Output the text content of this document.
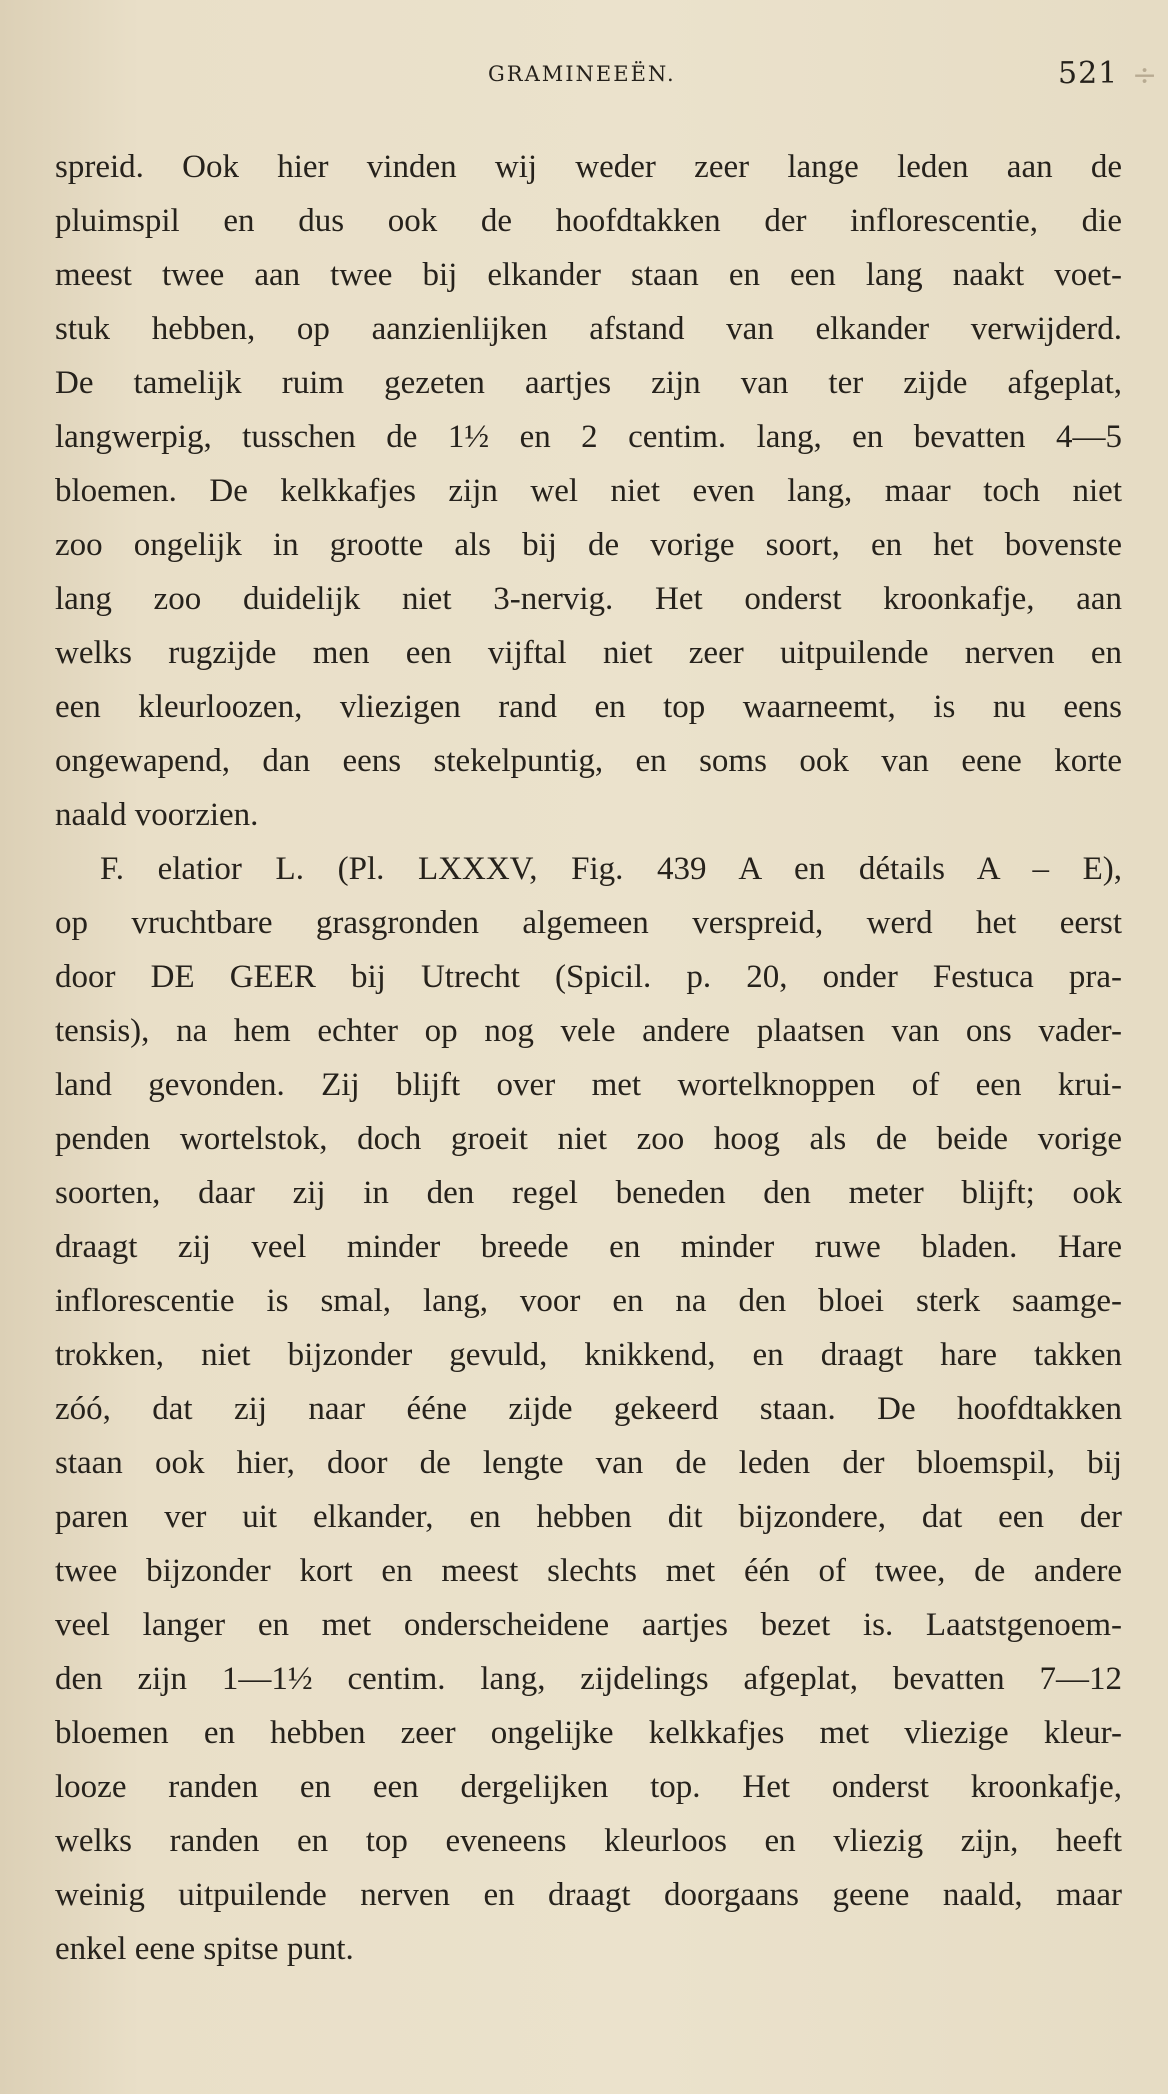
GRAMINEEËN.	521 ÷
spreid. Ook hier vinden wij weder zeer lange leden aan de
pluimspil en dus ook de hoofdtakken der inflorescentie, die
meest twee aan twee bij elkander staan en een lang naakt voet-
stuk hebben, op aanzienlijken afstand van elkander verwijderd.
De tamelijk ruim gezeten aartjes zijn van ter zijde afgeplat,
langwerpig, tusschen de 1½ en 2 centim. lang, en bevatten 4—5
bloemen. De kelkkafjes zijn wel niet even lang, maar toch niet
zoo ongelijk in grootte als bij de vorige soort, en het bovenste
lang zoo duidelijk niet 3-nervig. Het onderst kroonkafje, aan
welks rugzijde men een vijftal niet zeer uitpuilende nerven en
een kleurloozen, vliezigen rand en top waarneemt, is nu eens
ongewapend, dan eens stekelpuntig, en soms ook van eene korte
naald voorzien.
F. elatior L. (Pl. LXXXV, Fig. 439 A en détails A – E),
op vruchtbare grasgronden algemeen verspreid, werd het eerst
door DE GEER bij Utrecht (Spicil. p. 20, onder Festuca pra-
tensis), na hem echter op nog vele andere plaatsen van ons vader-
land gevonden. Zij blijft over met wortelknoppen of een krui-
penden wortelstok, doch groeit niet zoo hoog als de beide vorige
soorten, daar zij in den regel beneden den meter blijft; ook
draagt zij veel minder breede en minder ruwe bladen. Hare
inflorescentie is smal, lang, voor en na den bloei sterk saamge-
trokken, niet bijzonder gevuld, knikkend, en draagt hare takken
zóó, dat zij naar ééne zijde gekeerd staan. De hoofdtakken
staan ook hier, door de lengte van de leden der bloemspil, bij
paren ver uit elkander, en hebben dit bijzondere, dat een der
twee bijzonder kort en meest slechts met één of twee, de andere
veel langer en met onderscheidene aartjes bezet is. Laatstgenoem-
den zijn 1—1½ centim. lang, zijdelings afgeplat, bevatten 7—12
bloemen en hebben zeer ongelijke kelkkafjes met vliezige kleur-
looze randen en een dergelijken top. Het onderst kroonkafje,
welks randen en top eveneens kleurloos en vliezig zijn, heeft
weinig uitpuilende nerven en draagt doorgaans geene naald, maar
enkel eene spitse punt.
